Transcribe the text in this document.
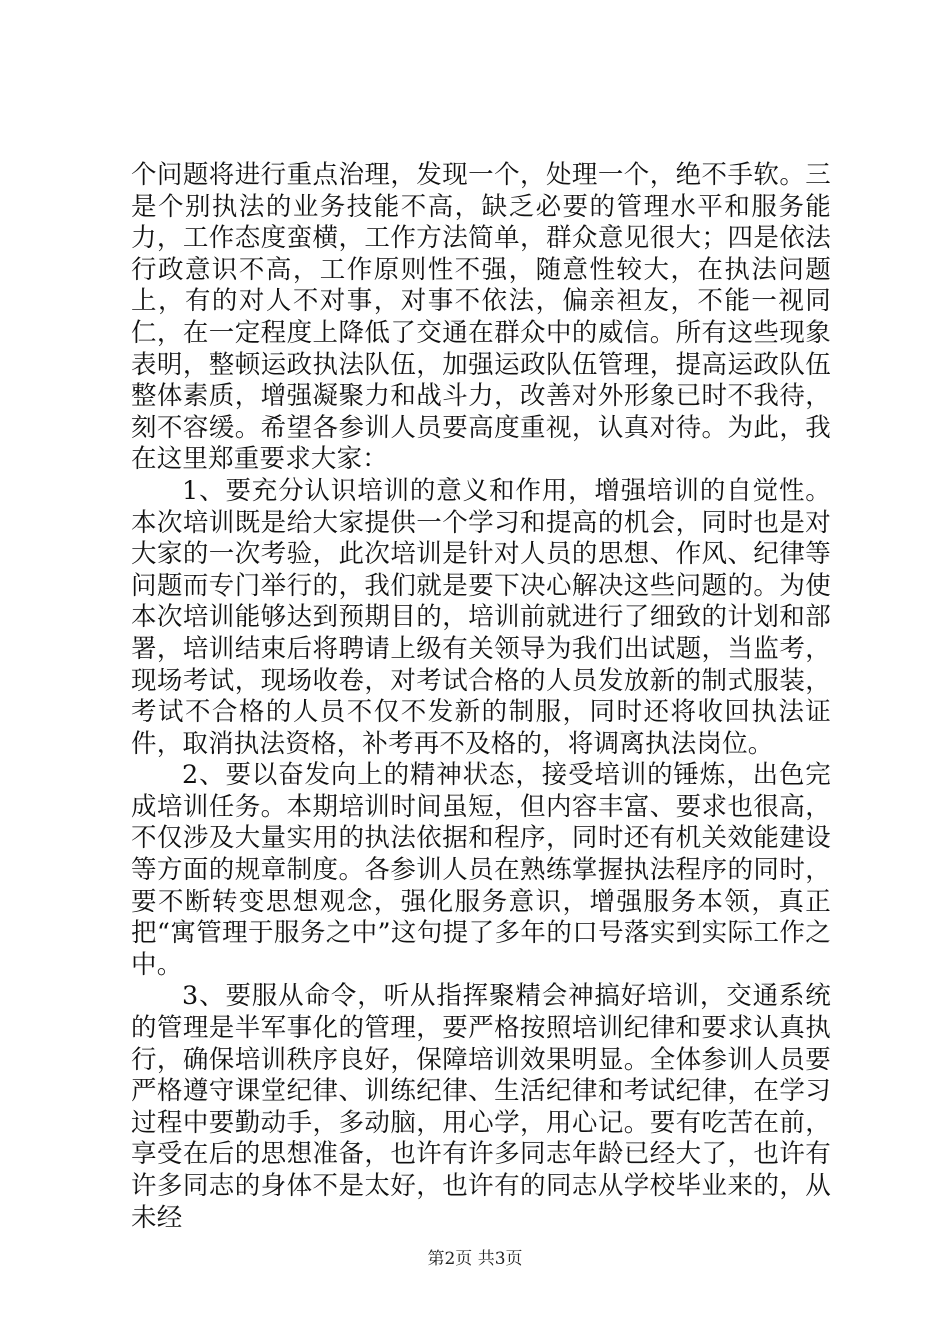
个问题将进行重点治理，发现一个，处理一个，绝不手软。三是个别执法的业务技能不高，缺乏必要的管理水平和服务能力，工作态度蛮横，工作方法简单，群众意见很大；四是依法行政意识不高，工作原则性不强，随意性较大，在执法问题上，有的对人不对事，对事不依法，偏亲袒友，不能一视同仁，在一定程度上降低了交通在群众中的威信。所有这些现象表明，整顿运政执法队伍，加强运政队伍管理，提高运政队伍整体素质，增强凝聚力和战斗力，改善对外形象已时不我待，刻不容缓。希望各参训人员要高度重视，认真对待。为此，我在这里郑重要求大家：

1、要充分认识培训的意义和作用，增强培训的自觉性。本次培训既是给大家提供一个学习和提高的机会，同时也是对大家的一次考验，此次培训是针对人员的思想、作风、纪律等问题而专门举行的，我们就是要下决心解决这些问题的。为使本次培训能够达到预期目的，培训前就进行了细致的计划和部署，培训结束后将聘请上级有关领导为我们出试题，当监考，现场考试，现场收卷，对考试合格的人员发放新的制式服装，考试不合格的人员不仅不发新的制服，同时还将收回执法证件，取消执法资格，补考再不及格的，将调离执法岗位。

2、要以奋发向上的精神状态，接受培训的锤炼，出色完成培训任务。本期培训时间虽短，但内容丰富、要求也很高，不仅涉及大量实用的执法依据和程序，同时还有机关效能建设等方面的规章制度。各参训人员在熟练掌握执法程序的同时，要不断转变思想观念，强化服务意识，增强服务本领，真正把“寓管理于服务之中”这句提了多年的口号落实到实际工作之中。

3、要服从命令，听从指挥聚精会神搞好培训，交通系统的管理是半军事化的管理，要严格按照培训纪律和要求认真执行，确保培训秩序良好，保障培训效果明显。全体参训人员要严格遵守课堂纪律、训练纪律、生活纪律和考试纪律，在学习过程中要勤动手，多动脑，用心学，用心记。要有吃苦在前，享受在后的思想准备，也许有许多同志年龄已经大了，也许有许多同志的身体不是太好，也许有的同志从学校毕业来的，从未经

第2页 共3页
